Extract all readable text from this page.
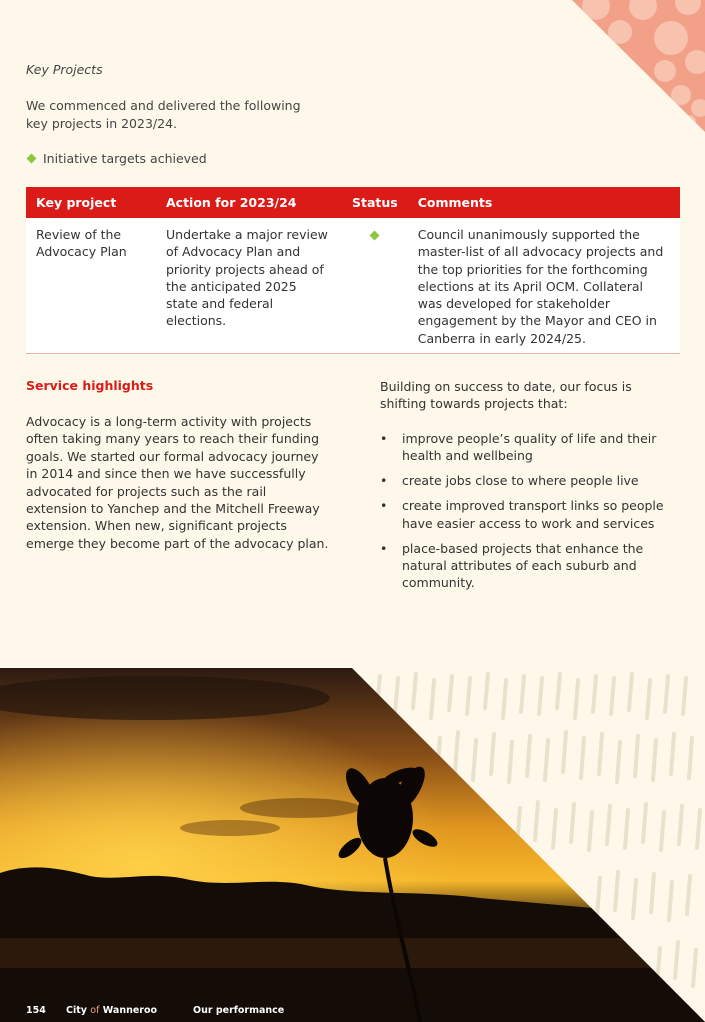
Key Projects
We commenced and delivered the following key projects in 2023/24.
Initiative targets achieved
Key project	Action for 2023/24	Status	Comments
Review of the Advocacy Plan	Undertake a major review of Advocacy Plan and priority projects ahead of the anticipated 2025 state and federal elections.		Council unanimously supported the master-list of all advocacy projects and the top priorities for the forthcoming elections at its April OCM. Collateral was developed for stakeholder engagement by the Mayor and CEO in Canberra in early 2024/25.
Service highlights
Advocacy is a long-term activity with projects often taking many years to reach their funding goals. We started our formal advocacy journey in 2014 and since then we have successfully advocated for projects such as the rail extension to Yanchep and the Mitchell Freeway extension. When new, significant projects emerge they become part of the advocacy plan.
Building on success to date, our focus is shifting towards projects that:
• improve people’s quality of life and their health and wellbeing
• create jobs close to where people live
• create improved transport links so people have easier access to work and services
• place-based projects that enhance the natural attributes of each suburb and community.
154 City of Wanneroo	Our performance
